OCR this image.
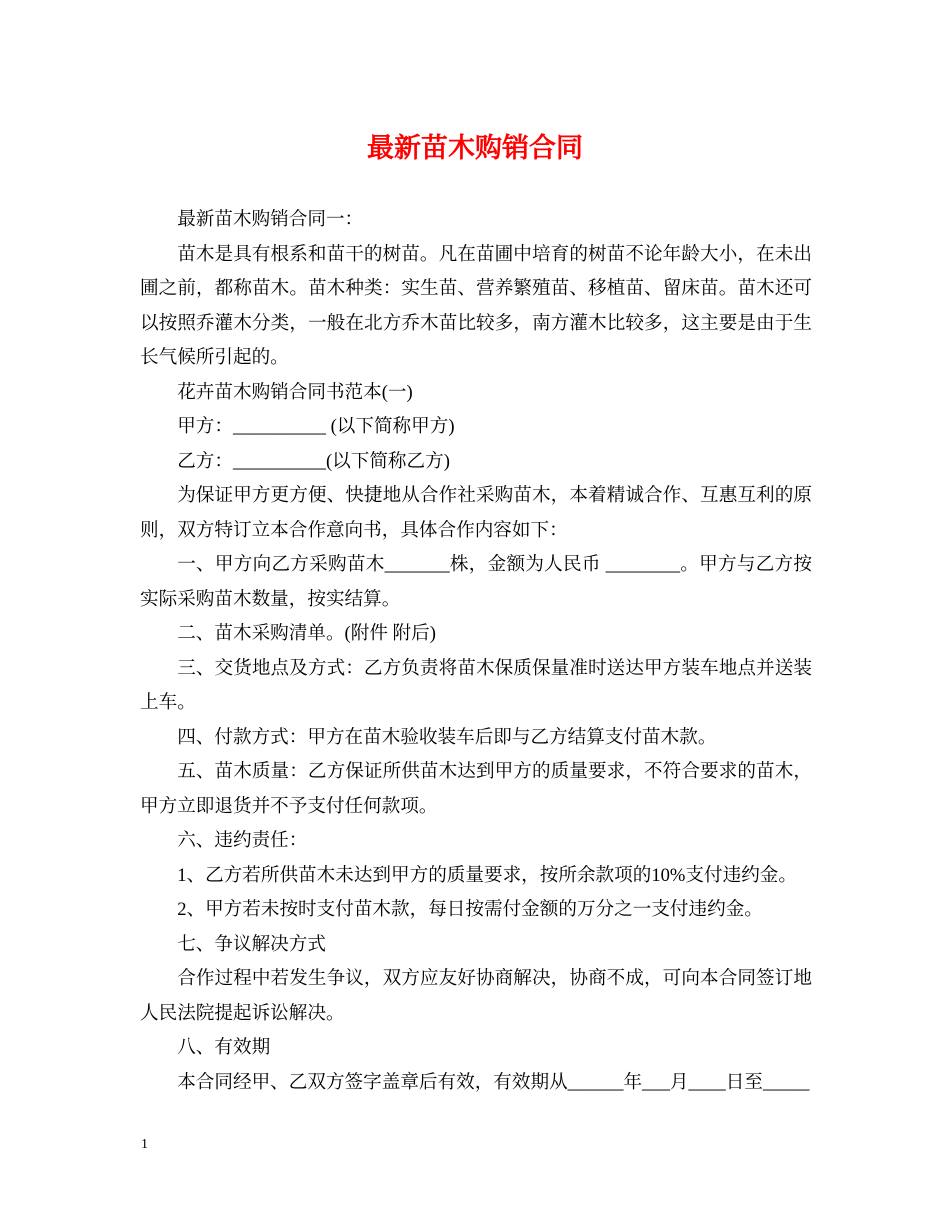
最新苗木购销合同
最新苗木购销合同一：
苗木是具有根系和苗干的树苗。凡在苗圃中培育的树苗不论年龄大小，在未出
圃之前，都称苗木。苗木种类：实生苗、营养繁殖苗、移植苗、留床苗。苗木还可
以按照乔灌木分类，一般在北方乔木苗比较多，南方灌木比较多，这主要是由于生
长气候所引起的。
花卉苗木购销合同书范本(一)
甲方：__________ (以下简称甲方)
乙方：__________(以下简称乙方)
为保证甲方更方便、快捷地从合作社采购苗木，本着精诚合作、互惠互利的原
则，双方特订立本合作意向书，具体合作内容如下：
一、甲方向乙方采购苗木_______株，金额为人民币 ________。甲方与乙方按
实际采购苗木数量，按实结算。
二、苗木采购清单。(附件 附后)
三、交货地点及方式：乙方负责将苗木保质保量准时送达甲方装车地点并送装
上车。
四、付款方式：甲方在苗木验收装车后即与乙方结算支付苗木款。
五、苗木质量：乙方保证所供苗木达到甲方的质量要求，不符合要求的苗木，
甲方立即退货并不予支付任何款项。
六、违约责任：
1、乙方若所供苗木未达到甲方的质量要求，按所余款项的10%支付违约金。
2、甲方若未按时支付苗木款，每日按需付金额的万分之一支付违约金。
七、争议解决方式
合作过程中若发生争议，双方应友好协商解决，协商不成，可向本合同签订地
人民法院提起诉讼解决。
八、有效期
本合同经甲、乙双方签字盖章后有效，有效期从______年___月____日至_____
1
